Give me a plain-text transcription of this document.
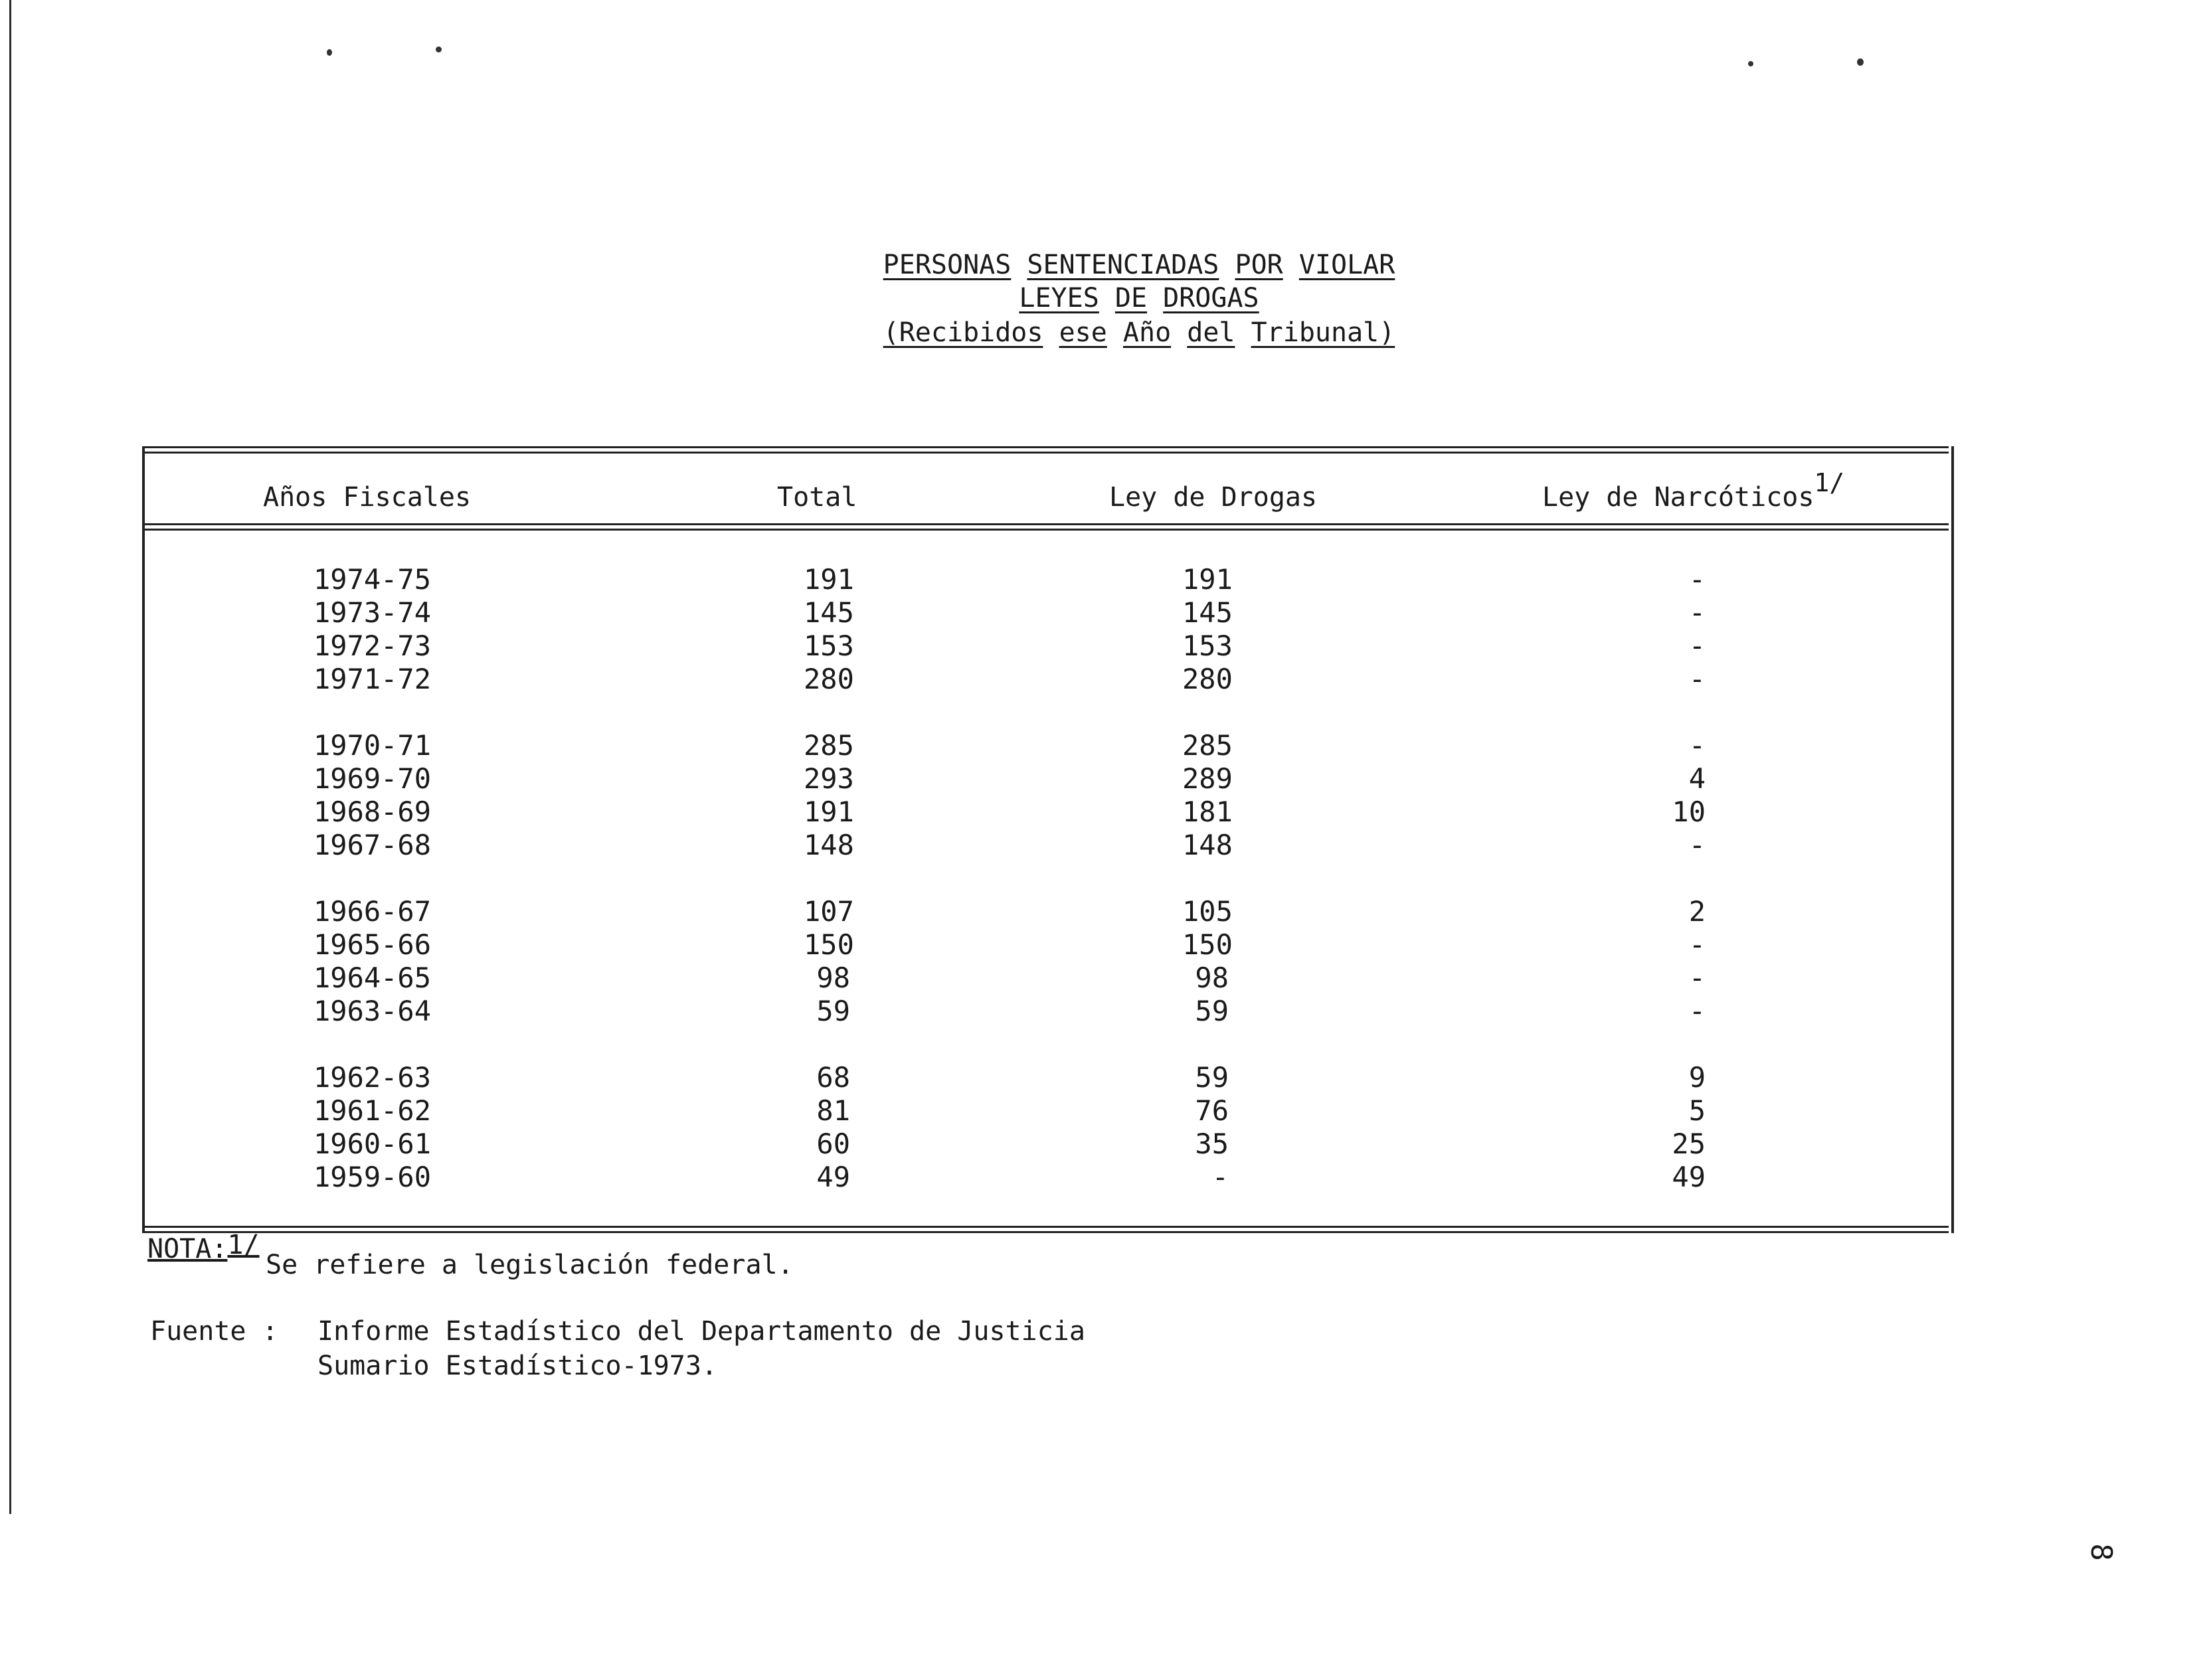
PERSONAS SENTENCIADAS POR VIOLAR
LEYES DE DROGAS
(Recibidos ese Año del Tribunal)
Años Fiscales	Total	Ley de Drogas	Ley de Narcóticos$^{1/}$
1974-75	191	191	-
1973-74	145	145	-
1972-73	153	153	-
1971-72	280	280	-
1970-71	285	285	-
1969-70	293	289	4
1968-69	191	181	10
1967-68	148	148	-
1966-67	107	105	2
1965-66	150	150	-
1964-65	98	98	-
1963-64	59	59	-
1962-63	68	59	9
1961-62	81	76	5
1960-61	60	35	25
1959-60	49	-	49
NOTA:1/
Se refiere a legislación federal.
Fuente : Informe Estadístico del Departamento de Justicia
Sumario Estadístico-1973.
8
